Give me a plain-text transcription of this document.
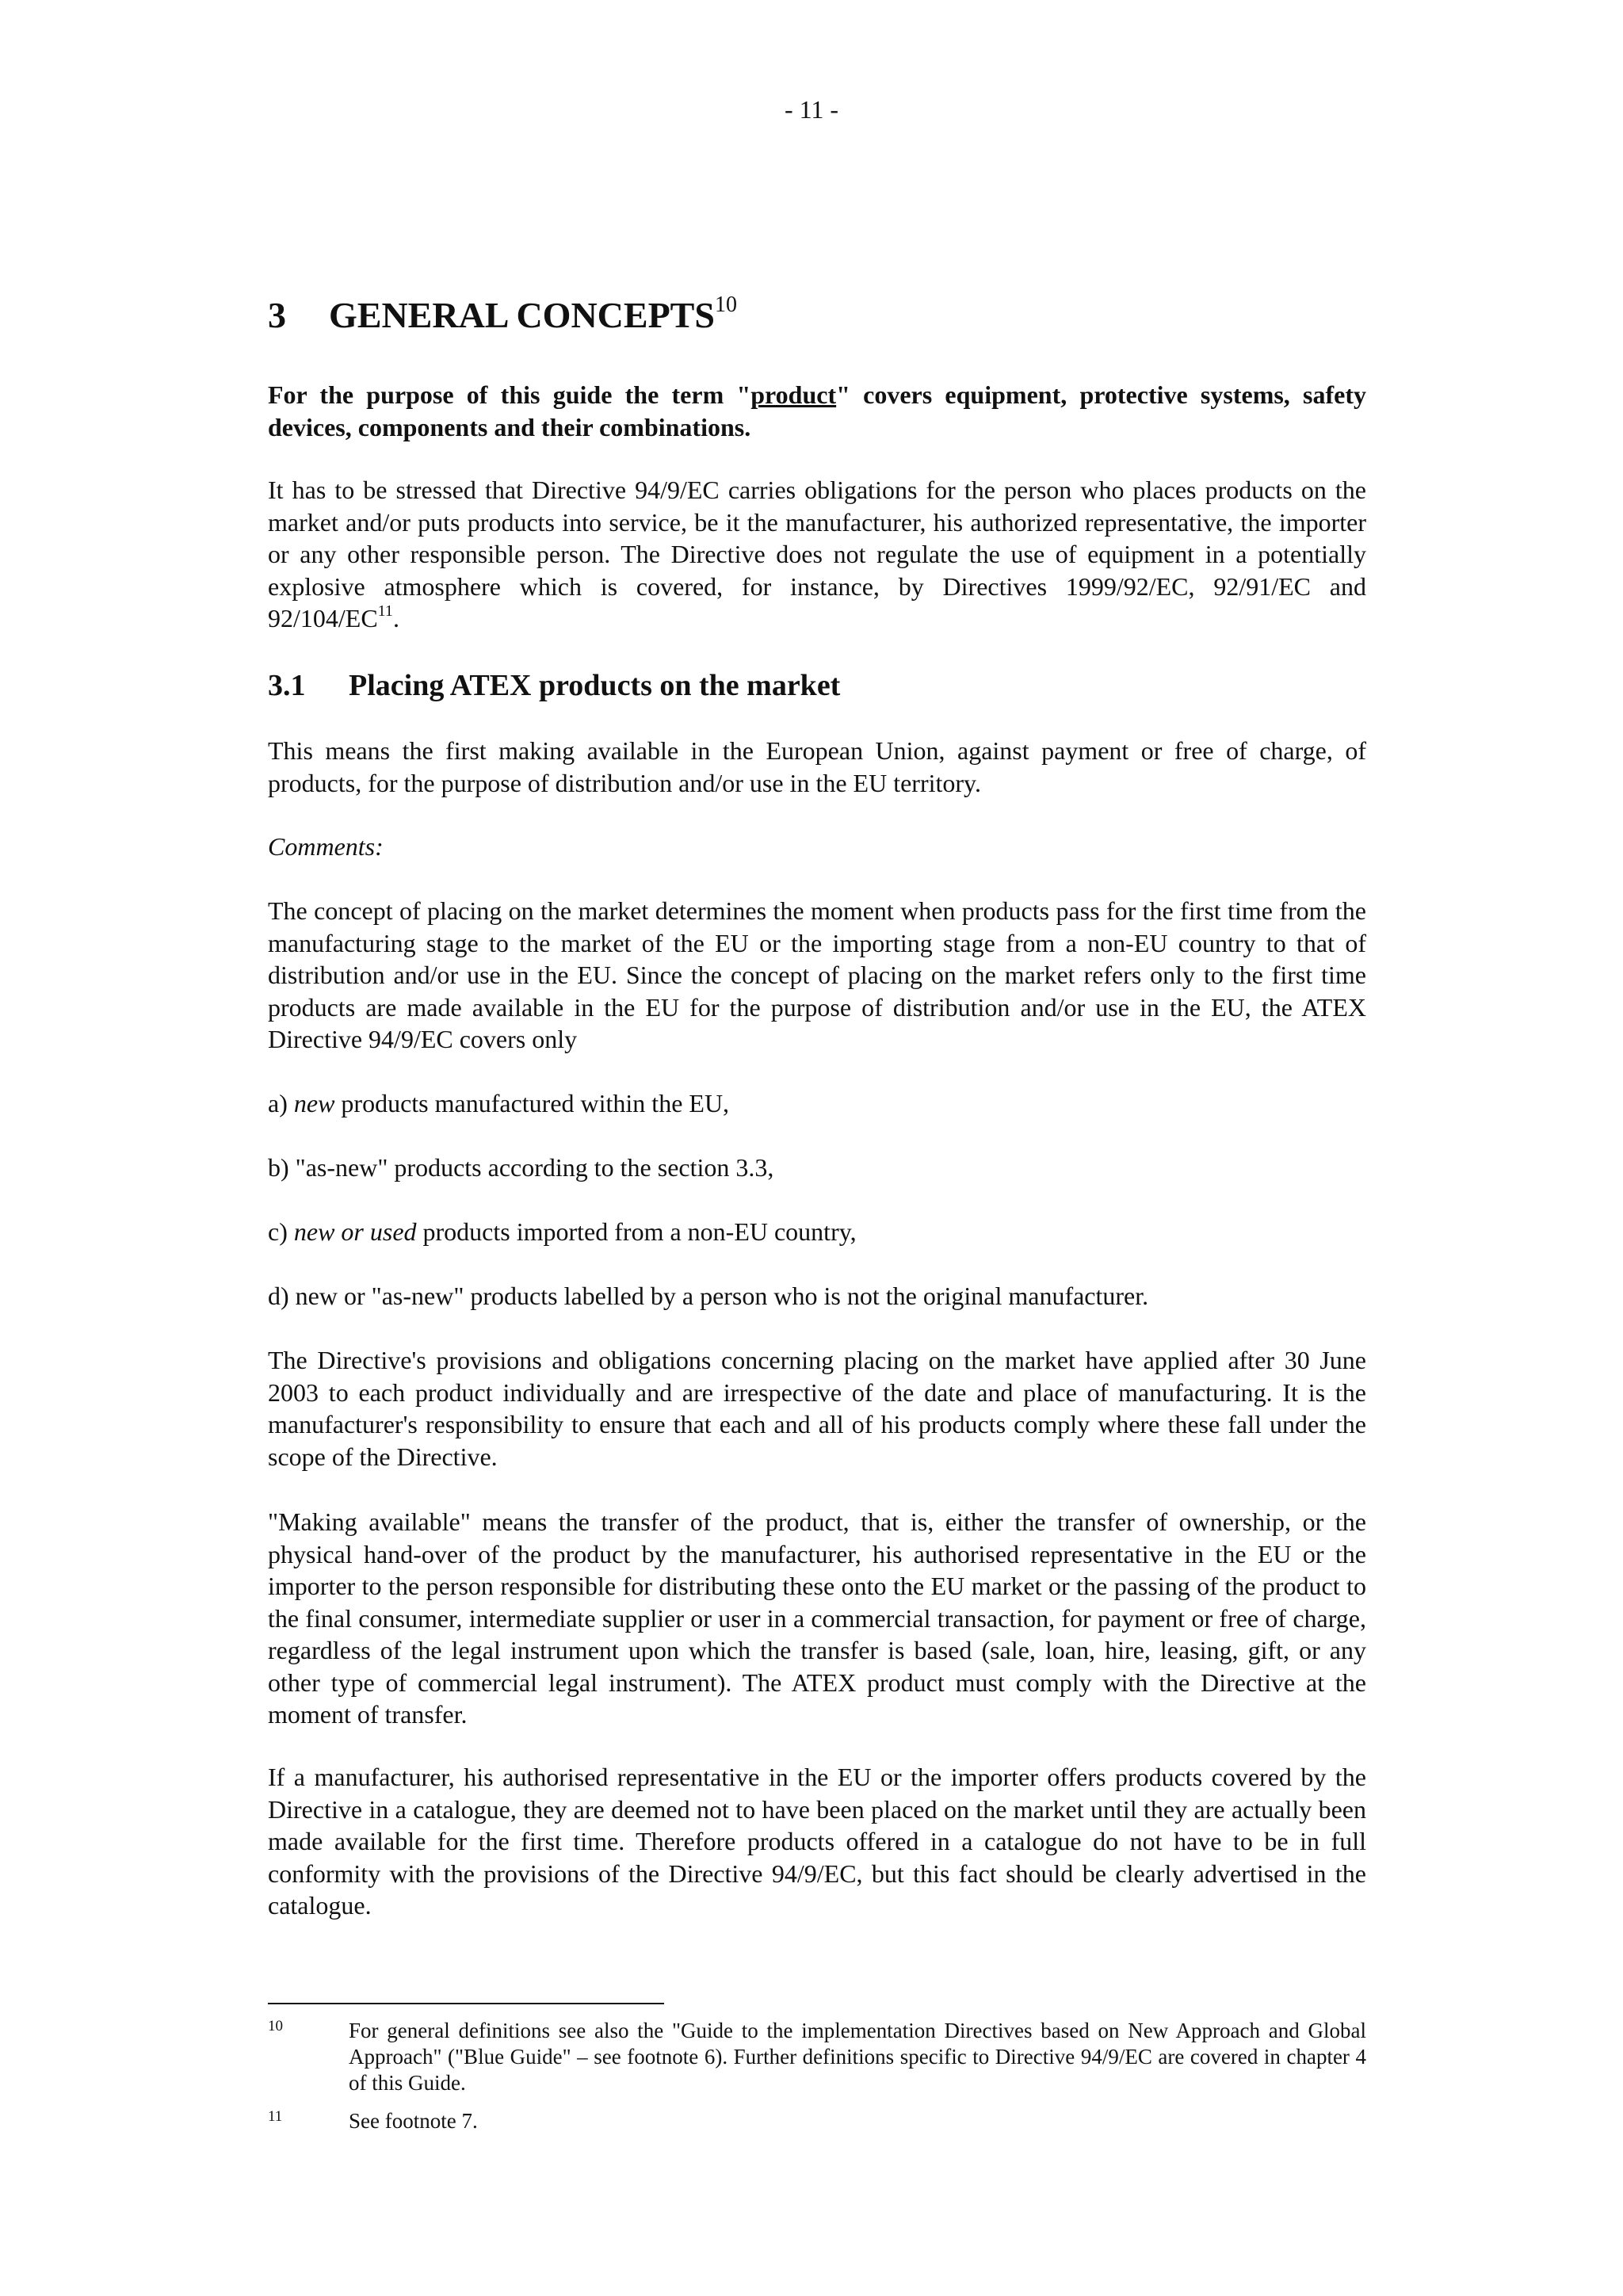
- 11 -
3 GENERAL CONCEPTS$^{10}$

For the purpose of this guide the term "product" covers equipment, protective systems, safety devices, components and their combinations.

It has to be stressed that Directive 94/9/EC carries obligations for the person who places products on the market and/or puts products into service, be it the manufacturer, his authorized representative, the importer or any other responsible person. The Directive does not regulate the use of equipment in a potentially explosive atmosphere which is covered, for instance, by Directives 1999/92/EC, 92/91/EC and 92/104/EC$^{11}$.

3.1 Placing ATEX products on the market

This means the first making available in the European Union, against payment or free of charge, of products, for the purpose of distribution and/or use in the EU territory.

Comments:

The concept of placing on the market determines the moment when products pass for the first time from the manufacturing stage to the market of the EU or the importing stage from a non-EU country to that of distribution and/or use in the EU. Since the concept of placing on the market refers only to the first time products are made available in the EU for the purpose of distribution and/or use in the EU, the ATEX Directive 94/9/EC covers only

a) new products manufactured within the EU,

b) "as-new" products according to the section 3.3,

c) new or used products imported from a non-EU country,

d) new or "as-new" products labelled by a person who is not the original manufacturer.

The Directive's provisions and obligations concerning placing on the market have applied after 30 June 2003 to each product individually and are irrespective of the date and place of manufacturing. It is the manufacturer's responsibility to ensure that each and all of his products comply where these fall under the scope of the Directive.

"Making available" means the transfer of the product, that is, either the transfer of ownership, or the physical hand-over of the product by the manufacturer, his authorised representative in the EU or the importer to the person responsible for distributing these onto the EU market or the passing of the product to the final consumer, intermediate supplier or user in a commercial transaction, for payment or free of charge, regardless of the legal instrument upon which the transfer is based (sale, loan, hire, leasing, gift, or any other type of commercial legal instrument). The ATEX product must comply with the Directive at the moment of transfer.

If a manufacturer, his authorised representative in the EU or the importer offers products covered by the Directive in a catalogue, they are deemed not to have been placed on the market until they are actually been made available for the first time. Therefore products offered in a catalogue do not have to be in full conformity with the provisions of the Directive 94/9/EC, but this fact should be clearly advertised in the catalogue.

10	For general definitions see also the "Guide to the implementation Directives based on New Approach and Global Approach" ("Blue Guide" – see footnote 6). Further definitions specific to Directive 94/9/EC are covered in chapter 4 of this Guide.

11	See footnote 7.
